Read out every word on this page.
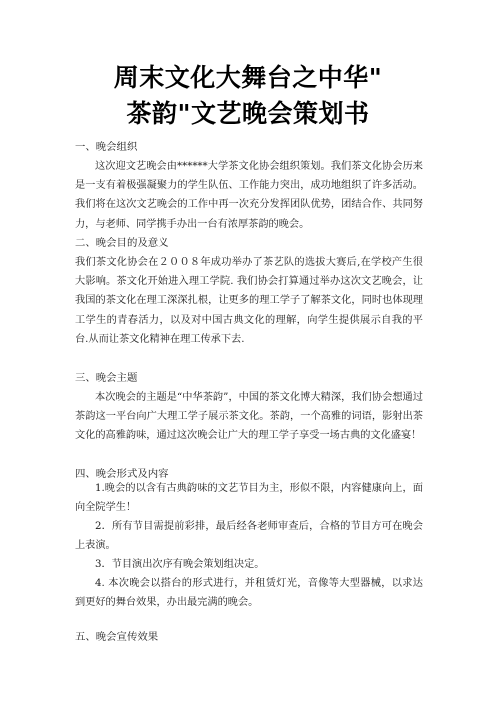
周末文化大舞台之中华"
茶韵"文艺晚会策划书
一、晚会组织

这次迎文艺晚会由******大学茶文化协会组织策划。我们茶文化协会历来是一支有着极强凝聚力的学生队伍、工作能力突出，成功地组织了许多活动。我们将在这次文艺晚会的工作中再一次充分发挥团队优势，团结合作、共同努力，与老师、同学携手办出一台有浓厚茶韵的晚会。

二、晚会目的及意义

我们茶文化协会在２００８年成功举办了茶艺队的选拔大赛后,在学校产生很大影响。茶文化开始进入理工学院. 我们协会打算通过举办这次文艺晚会，让我国的茶文化在理工深深扎根，让更多的理工学子了解茶文化，同时也体现理工学生的青春活力，以及对中国古典文化的理解，向学生提供展示自我的平台.从而让茶文化精神在理工传承下去.

三、晚会主题

本次晚会的主题是“中华茶韵”，中国的茶文化博大精深，我们协会想通过茶韵这一平台向广大理工学子展示茶文化。茶韵，一个高雅的词语，影射出茶文化的高雅韵味，通过这次晚会让广大的理工学子享受一场古典的文化盛宴！

四、晚会形式及内容

1.晚会的以含有古典韵味的文艺节目为主，形似不限，内容健康向上，面向全院学生！

2．所有节目需提前彩排，最后经各老师审查后，合格的节目方可在晚会上表演。

3．节目演出次序有晚会策划组决定。

4. 本次晚会以搭台的形式进行，并租赁灯光，音像等大型器械，以求达到更好的舞台效果，办出最完满的晚会。

五、晚会宣传效果
